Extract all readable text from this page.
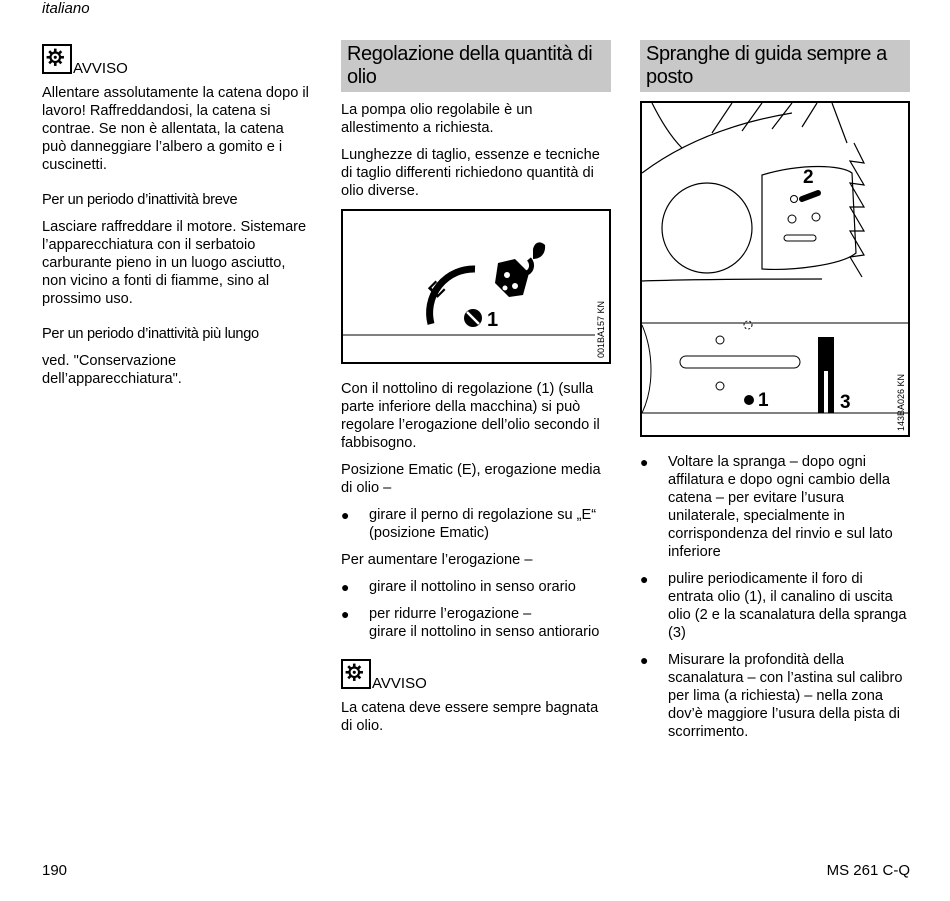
italiano
AVVISO

Allentare assolutamente la catena dopo il lavoro! Raffreddandosi, la catena si contrae. Se non è allentata, la catena può danneggiare l’albero a gomito e i cuscinetti.

Per un periodo d’inattività breve

Lasciare raffreddare il motore. Sistemare l’apparecchiatura con il serbatoio carburante pieno in un luogo asciutto, non vicino a fonti di fiamme, sino al prossimo uso.

Per un periodo d’inattività più lungo

ved. "Conservazione dell’apparecchiatura".

Regolazione della quantità di olio

La pompa olio regolabile è un allestimento a richiesta.

Lunghezze di taglio, essenze e tecniche di taglio differenti richiedono quantità di olio diverse.

E
1	001BA157 KN

Con il nottolino di regolazione (1) (sulla parte inferiore della macchina) si può regolare l’erogazione dell’olio secondo il fabbisogno.

Posizione Ematic (E), erogazione media di olio –

●	girare il perno di regolazione su „E“ (posizione Ematic)

Per aumentare l’erogazione –

●	girare il nottolino in senso orario
●	per ridurre l’erogazione –
girare il nottolino in senso antiorario
AVVISO

La catena deve essere sempre bagnata di olio.

Spranghe di guida sempre a posto
2
1	3	143BA026 KN
●	Voltare la spranga – dopo ogni affilatura e dopo ogni cambio della catena – per evitare l’usura unilaterale, specialmente in corrispondenza del rinvio e sul lato inferiore
●	pulire periodicamente il foro di entrata olio (1), il canalino di uscita olio (2 e la scanalatura della spranga (3)
●	Misurare la profondità della scanalatura – con l’astina sul calibro per lima (a richiesta) – nella zona dov’è maggiore l’usura della pista di scorrimento.
190	MS 261 C-Q
